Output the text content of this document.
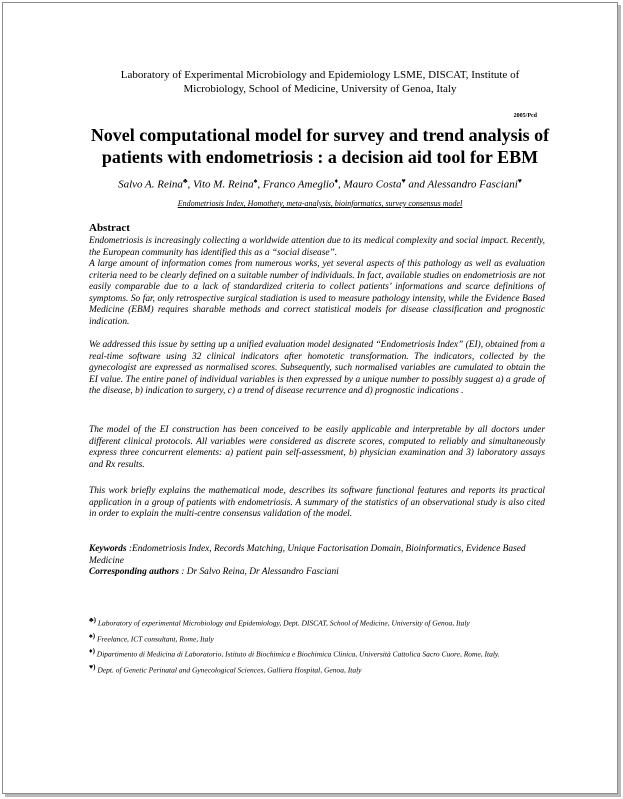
Laboratory of Experimental Microbiology and Epidemiology LSME, DISCAT, Institute of
Microbiology, School of Medicine, University of Genoa, Italy
2005/Pcd
Novel computational model for survey and trend analysis of
patients with endometriosis : a decision aid tool for EBM
Salvo A. Reina♣, Vito M. Reina♠, Franco Ameglio♦, Mauro Costa♥ and Alessandro Fasciani♥
Endometriosis Index, Homothety, meta-analysis, bioinformatics, survey consensus model
Abstract

Endometriosis is increasingly collecting a worldwide attention due to its medical complexity and social impact. Recently, the European community has identified this as a “social disease”.

A large amount of information comes from numerous works, yet several aspects of this pathology as well as evaluation criteria need to be clearly defined on a suitable number of individuals. In fact, available studies on endometriosis are not easily comparable due to a lack of standardized criteria to collect patients’ informations and scarce definitions of symptoms. So far, only retrospective surgical stadiation is used to measure pathology intensity, while the Evidence Based Medicine (EBM) requires sharable methods and correct statistical models for disease classification and prognostic indication.

We addressed this issue by setting up a unified evaluation model designated “Endometriosis Index” (EI), obtained from a real-time software using 32 clinical indicators after homotetic transformation. The indicators, collected by the gynecologist are expressed as normalised scores. Subsequently, such normalised variables are cumulated to obtain the EI value. The entire panel of individual variables is then expressed by a unique number to possibly suggest a) a grade of the disease, b) indication to surgery, c) a trend of disease recurrence and d) prognostic indications .

The model of the EI construction has been conceived to be easily applicable and interpretable by all doctors under different clinical protocols. All variables were considered as discrete scores, computed to reliably and simultaneously express three concurrent elements: a) patient pain self-assessment, b) physician examination and 3) laboratory assays and Rx results.

This work briefly explains the mathematical mode, describes its software functional features and reports its practical application in a group of patients with endometriosis. A summary of the statistics of an observational study is also cited in order to explain the multi-centre consensus validation of the model.

Keywords :Endometriosis Index, Records Matching, Unique Factorisation Domain, Bioinformatics, Evidence Based Medicine

Corresponding authors : Dr Salvo Reina, Dr Alessandro Fasciani

♣) Laboratory of experimental Microbiology and Epidemiology, Dept. DISCAT, School of Medicine, University of Genoa, Italy

♠) Freelance, ICT consultant, Rome, Italy

♦) Dipartimento di Medicina di Laboratorio, Istituto di Biochimica e Biochimica Clinica, Università Cattolica Sacro Cuore, Rome, Italy.

♥) Dept. of Genetic Perinatal and Gynecological Sciences, Galliera Hospital, Genoa, Italy
